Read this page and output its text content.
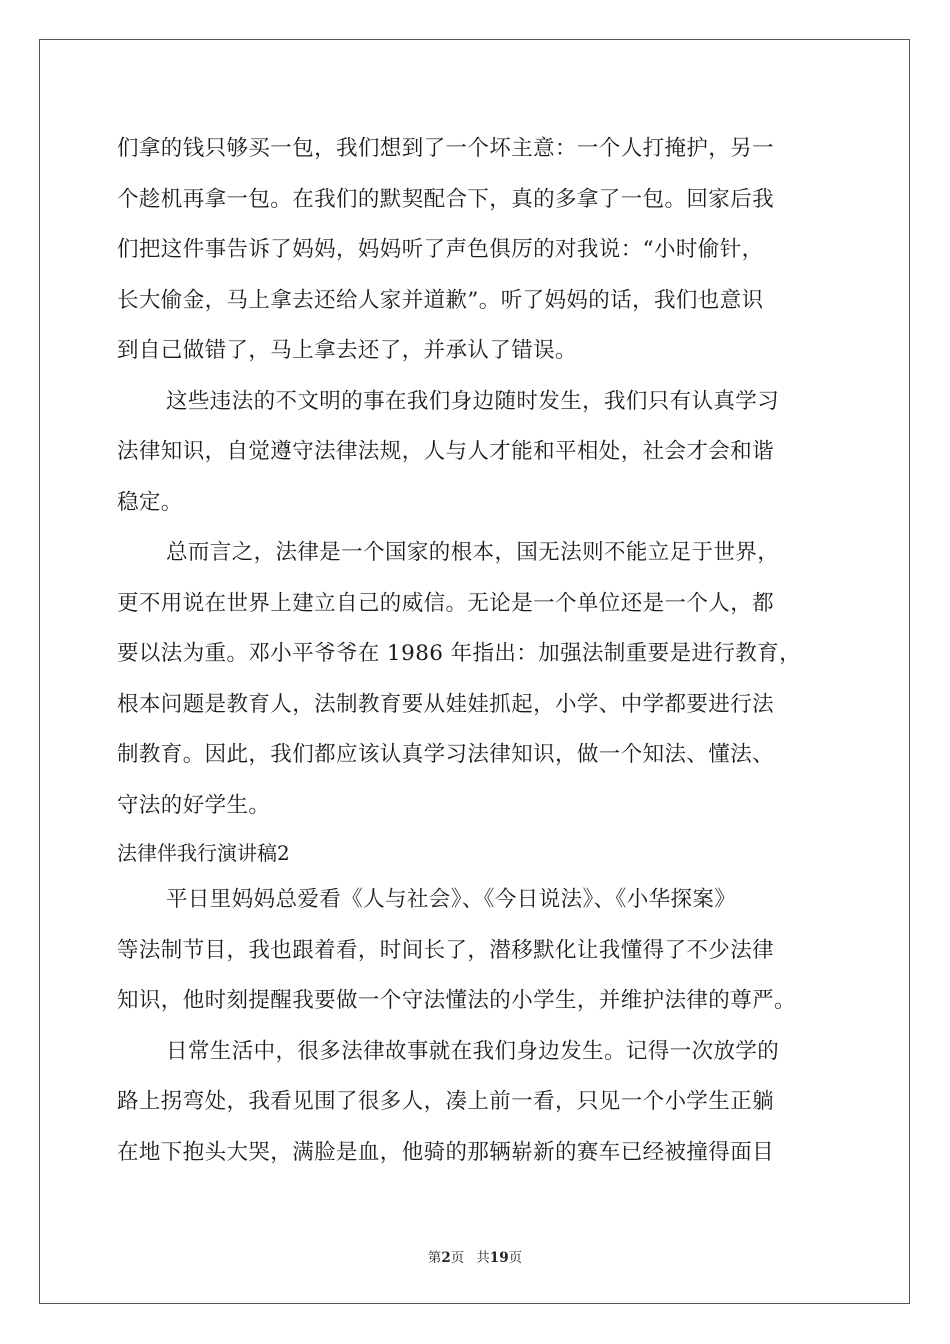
们拿的钱只够买一包，我们想到了一个坏主意：一个人打掩护，另一
个趁机再拿一包。在我们的默契配合下，真的多拿了一包。回家后我
们把这件事告诉了妈妈，妈妈听了声色俱厉的对我说：“小时偷针，
长大偷金，马上拿去还给人家并道歉”。听了妈妈的话，我们也意识
到自己做错了，马上拿去还了，并承认了错误。
这些违法的不文明的事在我们身边随时发生，我们只有认真学习
法律知识，自觉遵守法律法规，人与人才能和平相处，社会才会和谐
稳定。
总而言之，法律是一个国家的根本，国无法则不能立足于世界，
更不用说在世界上建立自己的威信。无论是一个单位还是一个人，都
要以法为重。邓小平爷爷在 1986 年指出：加强法制重要是进行教育，
根本问题是教育人，法制教育要从娃娃抓起，小学、中学都要进行法
制教育。因此，我们都应该认真学习法律知识，做一个知法、懂法、
守法的好学生。
法律伴我行演讲稿2
平日里妈妈总爱看《人与社会》、《今日说法》、《小华探案》
等法制节目，我也跟着看，时间长了，潜移默化让我懂得了不少法律
知识，他时刻提醒我要做一个守法懂法的小学生，并维护法律的尊严。
日常生活中，很多法律故事就在我们身边发生。记得一次放学的
路上拐弯处，我看见围了很多人，凑上前一看，只见一个小学生正躺
在地下抱头大哭，满脸是血，他骑的那辆崭新的赛车已经被撞得面目
第2页 共19页
